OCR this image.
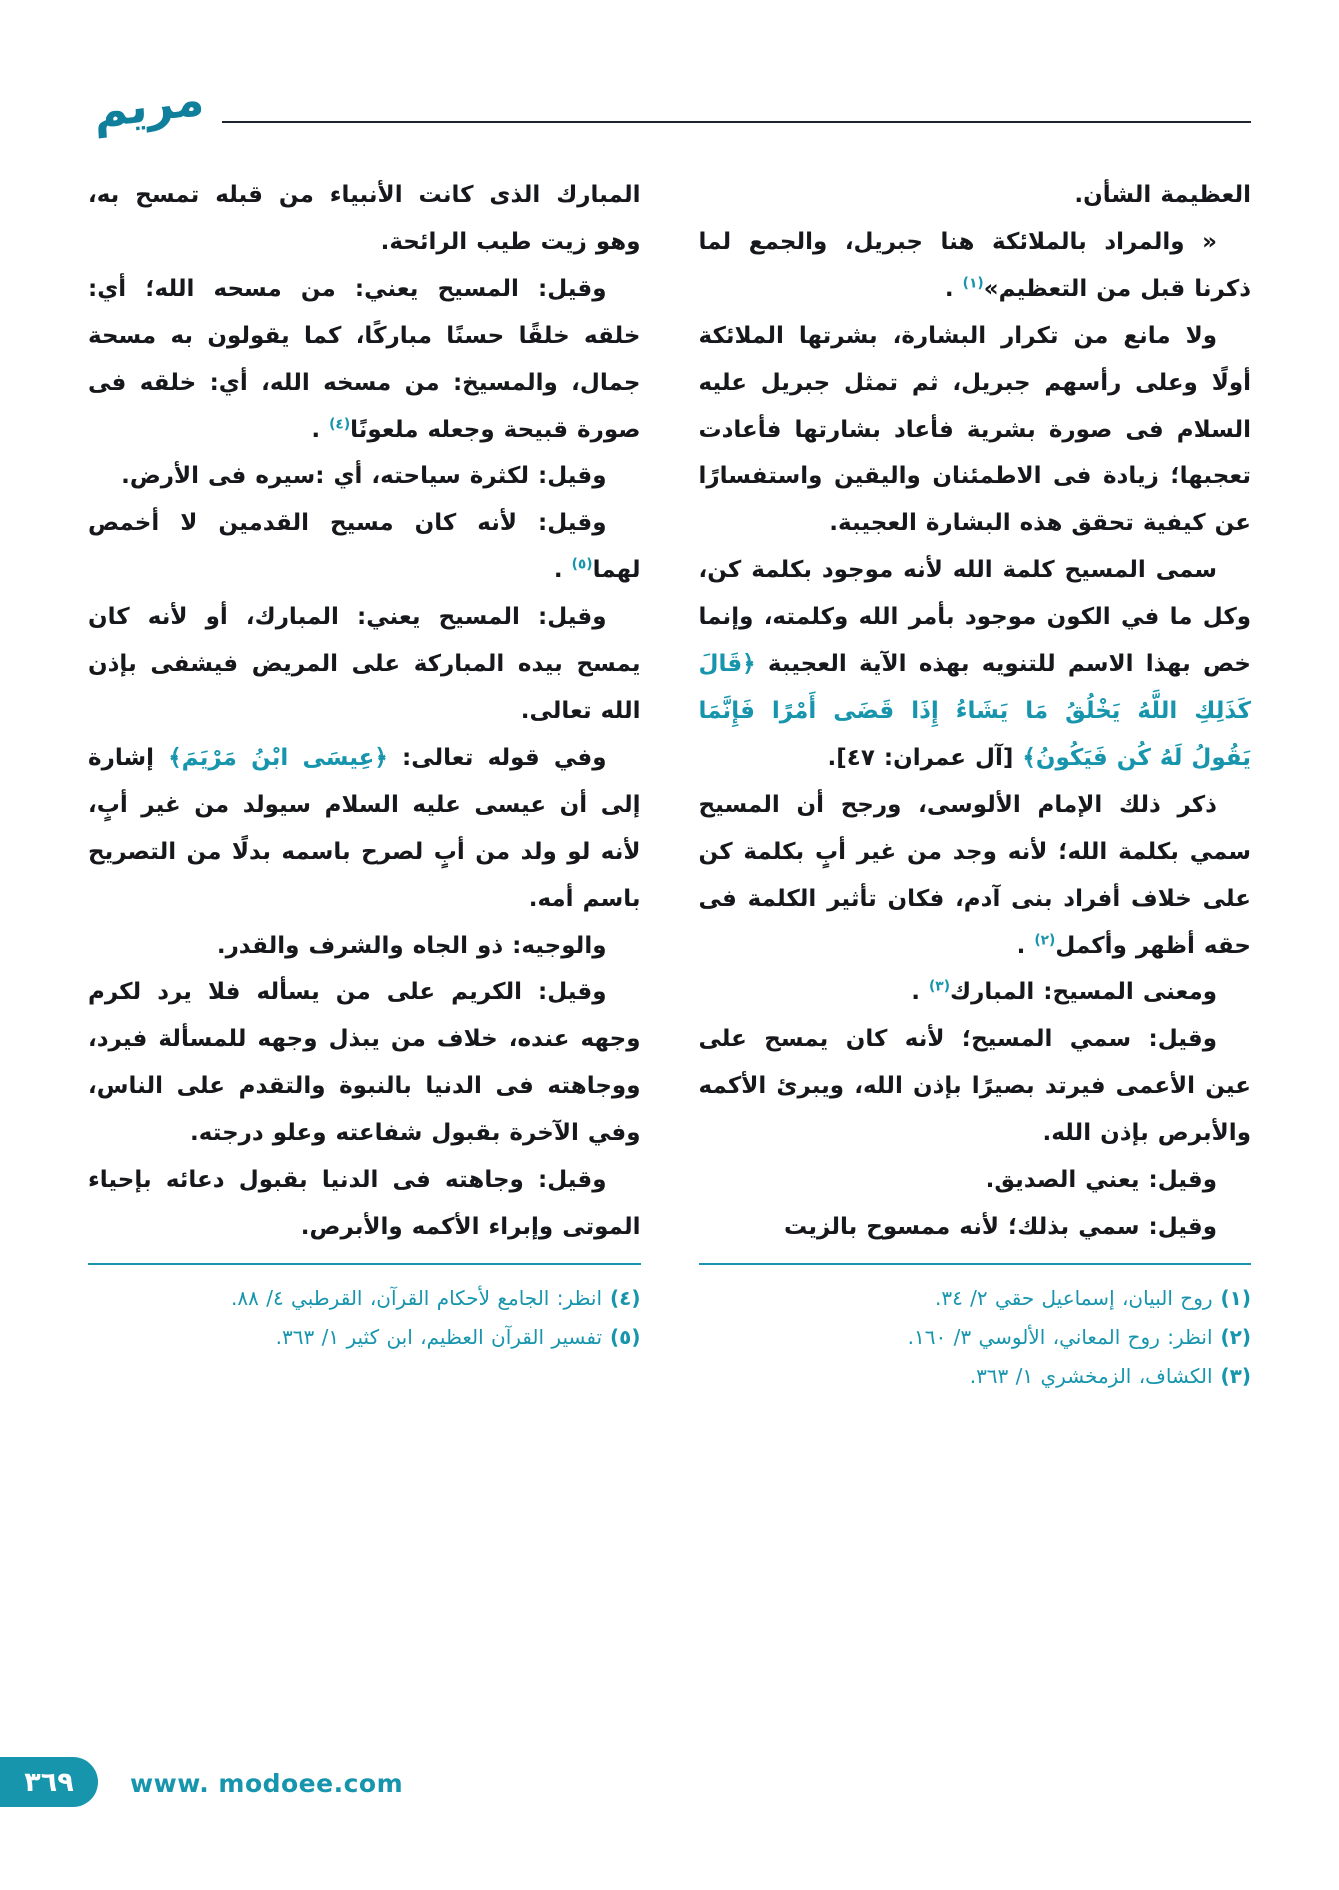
مريم

العظيمة الشأن.

« والمراد بالملائكة هنا جبريل، والجمع لما ذكرنا قبل من التعظيم»$^{(١)}$ .

ولا مانع من تكرار البشارة، بشرتها الملائكة أولًا وعلى رأسهم جبريل، ثم تمثل جبريل عليه السلام فى صورة بشرية فأعاد بشارتها فأعادت تعجبها؛ زيادة فى الاطمئنان واليقين واستفسارًا عن كيفية تحقق هذه البشارة العجيبة.

سمى المسيح كلمة الله لأنه موجود بكلمة كن، وكل ما في الكون موجود بأمر الله وكلمته، وإنما خص بهذا الاسم للتنويه بهذه الآية العجيبة ﴿قَالَ كَذَلِكِ اللَّهُ يَخْلُقُ مَا يَشَاءُ إِذَا قَضَى أَمْرًا فَإِنَّمَا يَقُولُ لَهُ كُن فَيَكُونُ﴾ [آل عمران: ٤٧].

ذكر ذلك الإمام الألوسى، ورجح أن المسيح سمي بكلمة الله؛ لأنه وجد من غير أبٍ بكلمة كن على خلاف أفراد بنى آدم، فكان تأثير الكلمة فى حقه أظهر وأكمل$^{(٢)}$ .

ومعنى المسيح: المبارك$^{(٣)}$ .

وقيل: سمي المسيح؛ لأنه كان يمسح على عين الأعمى فيرتد بصيرًا بإذن الله، ويبرئ الأكمه والأبرص بإذن الله.

وقيل: يعني الصديق.

وقيل: سمي بذلك؛ لأنه ممسوح بالزيت

(١) روح البيان، إسماعيل حقي ٢/ ٣٤.
(٢) انظر: روح المعاني، الألوسي ٣/ ١٦٠.
(٣) الكشاف، الزمخشري ١/ ٣٦٣.

المبارك الذى كانت الأنبياء من قبله تمسح به، وهو زيت طيب الرائحة.

وقيل: المسيح يعني: من مسحه الله؛ أي: خلقه خلقًا حسنًا مباركًا، كما يقولون به مسحة جمال، والمسيخ: من مسخه الله، أي: خلقه فى صورة قبيحة وجعله ملعونًا$^{(٤)}$ .

وقيل: لكثرة سياحته، أي :سيره فى الأرض.

وقيل: لأنه كان مسيح القدمين لا أخمص لهما$^{(٥)}$ .

وقيل: المسيح يعني: المبارك، أو لأنه كان يمسح بيده المباركة على المريض فيشفى بإذن الله تعالى.

وفي قوله تعالى: ﴿عِيسَى ابْنُ مَرْيَمَ﴾ إشارة إلى أن عيسى عليه السلام سيولد من غير أبٍ، لأنه لو ولد من أبٍ لصرح باسمه بدلًا من التصريح باسم أمه.

والوجيه: ذو الجاه والشرف والقدر.

وقيل: الكريم على من يسأله فلا يرد لكرم وجهه عنده، خلاف من يبذل وجهه للمسألة فيرد، ووجاهته فى الدنيا بالنبوة والتقدم على الناس، وفي الآخرة بقبول شفاعته وعلو درجته.

وقيل: وجاهته فى الدنيا بقبول دعائه بإحياء الموتى وإبراء الأكمه والأبرص.

(٤) انظر: الجامع لأحكام القرآن، القرطبي ٤/ ٨٨.
(٥) تفسير القرآن العظيم، ابن كثير ١/ ٣٦٣.
٣٦٩ www. modoee.com
